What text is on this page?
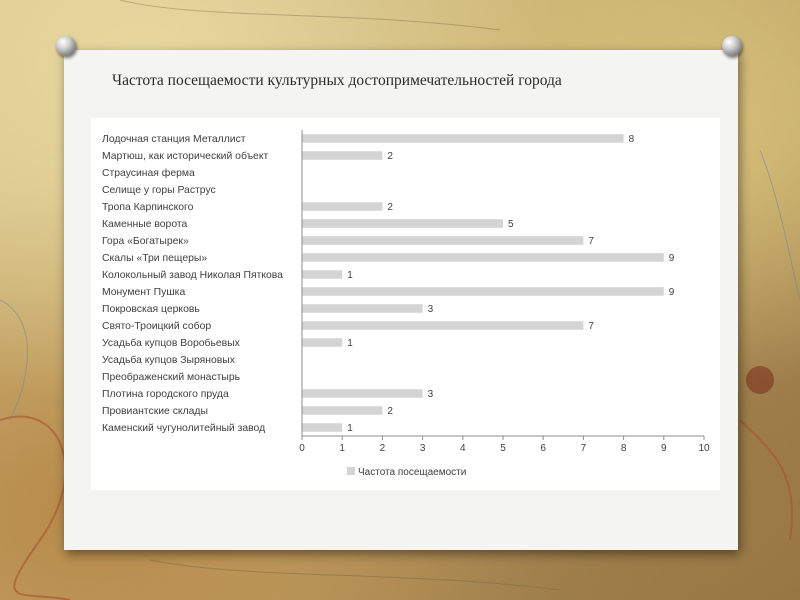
Частота посещаемости культурных достопримечательностей города
Лодочная станция Металлист	8
Мартюш, как исторический объект	2
Страусиная ферма
Селище у горы Раструс
Тропа Карпинского	2
Каменные ворота	5
Гора «Богатырек»	7
Скалы «Три пещеры»	9
Колокольный завод Николая Пяткова	1
Монумент Пушка	9
Покровская церковь	3
Свято-Троицкий собор	7
Усадьба купцов Воробьевых	1
Усадьба купцов Зыряновых
Преображенский монастырь
Плотина городского пруда	3
Провиантские склады	2
Каменский чугунолитейный завод	1
0	1	2	3	4	5	6	7	8	9	10
Частота посещаемости
